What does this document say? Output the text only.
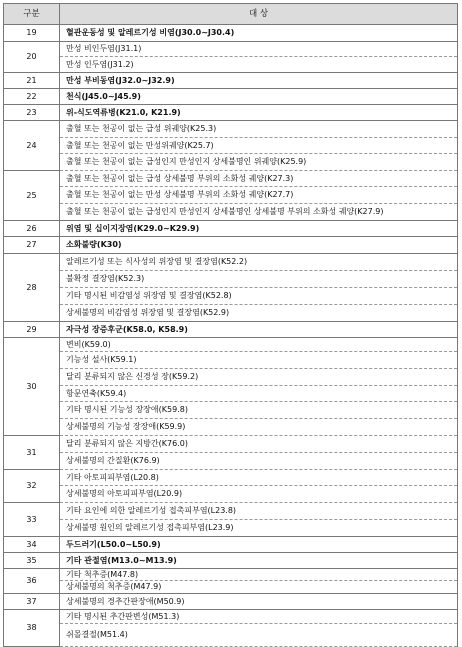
구분	대 상
19	혈관운동성 및 알레르기성 비염(J30.0∼J30.4)
20	만성 비인두염(J31.1)
	만성 인두염(J31.2)
21	만성 부비동염(J32.0∼J32.9)
22	천식(J45.0∼J45.9)
23	위-식도역류병(K21.0, K21.9)
24	출혈 또는 천공이 없는 급성 위궤양(K25.3)
	출혈 또는 천공이 없는 만성위궤양(K25.7)
	출혈 또는 천공이 없는 급성인지 만성인지 상세불명인 위궤양(K25.9)
25	출혈 또는 천공이 없는 급성 상세불명 부위의 소화성 궤양(K27.3)
	출혈 또는 천공이 없는 만성 상세불명 부위의 소화성 궤양(K27.7)
	출혈 또는 천공이 없는 급성인지 만성인지 상세불명인 상세불명 부위의 소화성 궤양(K27.9)
26	위염 및 십이지장염(K29.0∼K29.9)
27	소화불량(K30)
28	알레르기성 또는 식사성의 위장염 및 결장염(K52.2)
	불확정 결장염(K52.3)
	기타 명시된 비감염성 위장염 및 결장염(K52.8)
	상세불명의 비감염성 위장염 및 결장염(K52.9)
29	자극성 장증후군(K58.0, K58.9)
30	변비(K59.0)
	기능성 설사(K59.1)
	달리 분류되지 않은 신경성 장(K59.2)
	항문연축(K59.4)
	기타 명시된 기능성 장장애(K59.8)
	상세불명의 기능성 장장애(K59.9)
31	달리 분류되지 않은 지방간(K76.0)
	상세불명의 간질환(K76.9)
32	기타 아토피피부염(L20.8)
	상세불명의 아토피피부염(L20.9)
33	기타 요인에 의한 알레르기성 접촉피부염(L23.8)
	상세불명 원인의 알레르기성 접촉피부염(L23.9)
34	두드러기(L50.0∼L50.9)
35	기타 관절염(M13.0∼M13.9)
36	기타 척추증(M47.8)
	상세불명의 척추증(M47.9)
37	상세불명의 경추간판장애(M50.9)
38	기타 명시된 추간판변성(M51.3)
	쉬몰결절(M51.4)
